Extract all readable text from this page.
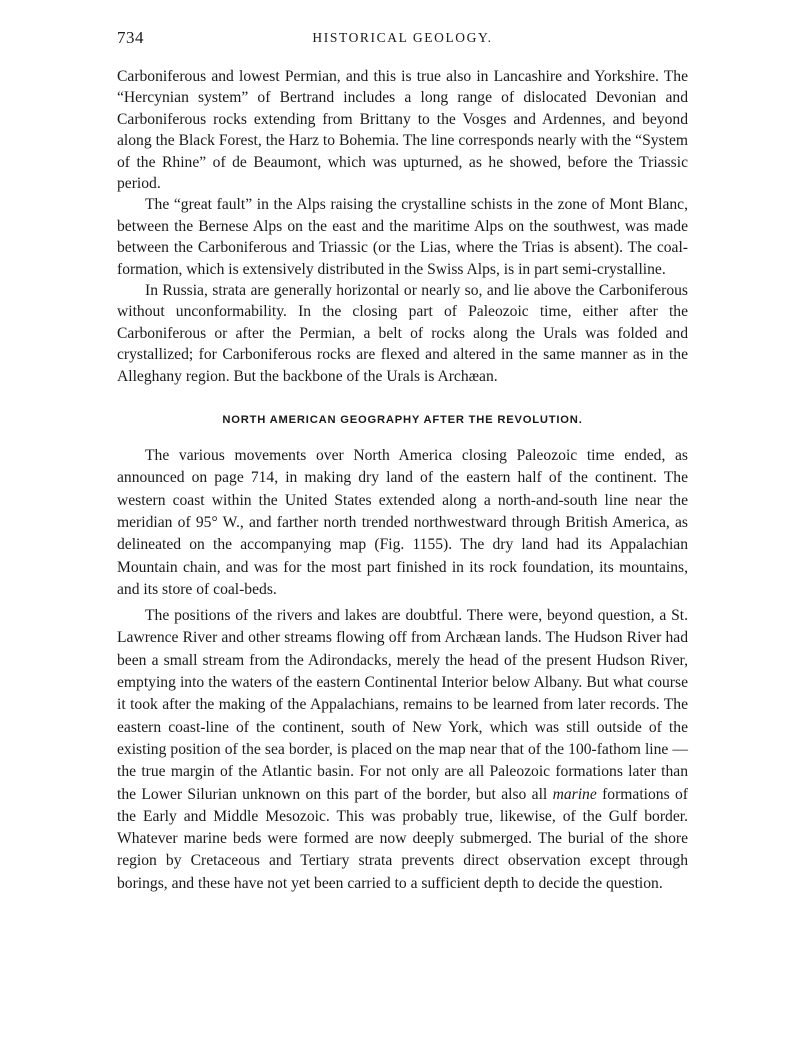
734	HISTORICAL GEOLOGY.

Carboniferous and lowest Permian, and this is true also in Lancashire and Yorkshire. The “Hercynian system” of Bertrand includes a long range of dislocated Devonian and Carboniferous rocks extending from Brittany to the Vosges and Ardennes, and beyond along the Black Forest, the Harz to Bohemia. The line corresponds nearly with the “System of the Rhine” of de Beaumont, which was upturned, as he showed, before the Triassic period.

The “great fault” in the Alps raising the crystalline schists in the zone of Mont Blanc, between the Bernese Alps on the east and the maritime Alps on the southwest, was made between the Carboniferous and Triassic (or the Lias, where the Trias is absent). The coal-formation, which is extensively distributed in the Swiss Alps, is in part semi-crystalline.

In Russia, strata are generally horizontal or nearly so, and lie above the Carboniferous without unconformability. In the closing part of Paleozoic time, either after the Carboniferous or after the Permian, a belt of rocks along the Urals was folded and crystallized; for Carboniferous rocks are flexed and altered in the same manner as in the Alleghany region. But the backbone of the Urals is Archæan.

NORTH AMERICAN GEOGRAPHY AFTER THE REVOLUTION.

The various movements over North America closing Paleozoic time ended, as announced on page 714, in making dry land of the eastern half of the continent. The western coast within the United States extended along a north-and-south line near the meridian of 95° W., and farther north trended northwestward through British America, as delineated on the accompanying map (Fig. 1155). The dry land had its Appalachian Mountain chain, and was for the most part finished in its rock foundation, its mountains, and its store of coal-beds.

The positions of the rivers and lakes are doubtful. There were, beyond question, a St. Lawrence River and other streams flowing off from Archæan lands. The Hudson River had been a small stream from the Adirondacks, merely the head of the present Hudson River, emptying into the waters of the eastern Continental Interior below Albany. But what course it took after the making of the Appalachians, remains to be learned from later records. The eastern coast-line of the continent, south of New York, which was still outside of the existing position of the sea border, is placed on the map near that of the 100-fathom line — the true margin of the Atlantic basin. For not only are all Paleozoic formations later than the Lower Silurian unknown on this part of the border, but also all marine formations of the Early and Middle Mesozoic. This was probably true, likewise, of the Gulf border. Whatever marine beds were formed are now deeply submerged. The burial of the shore region by Cretaceous and Tertiary strata prevents direct observation except through borings, and these have not yet been carried to a sufficient depth to decide the question.
